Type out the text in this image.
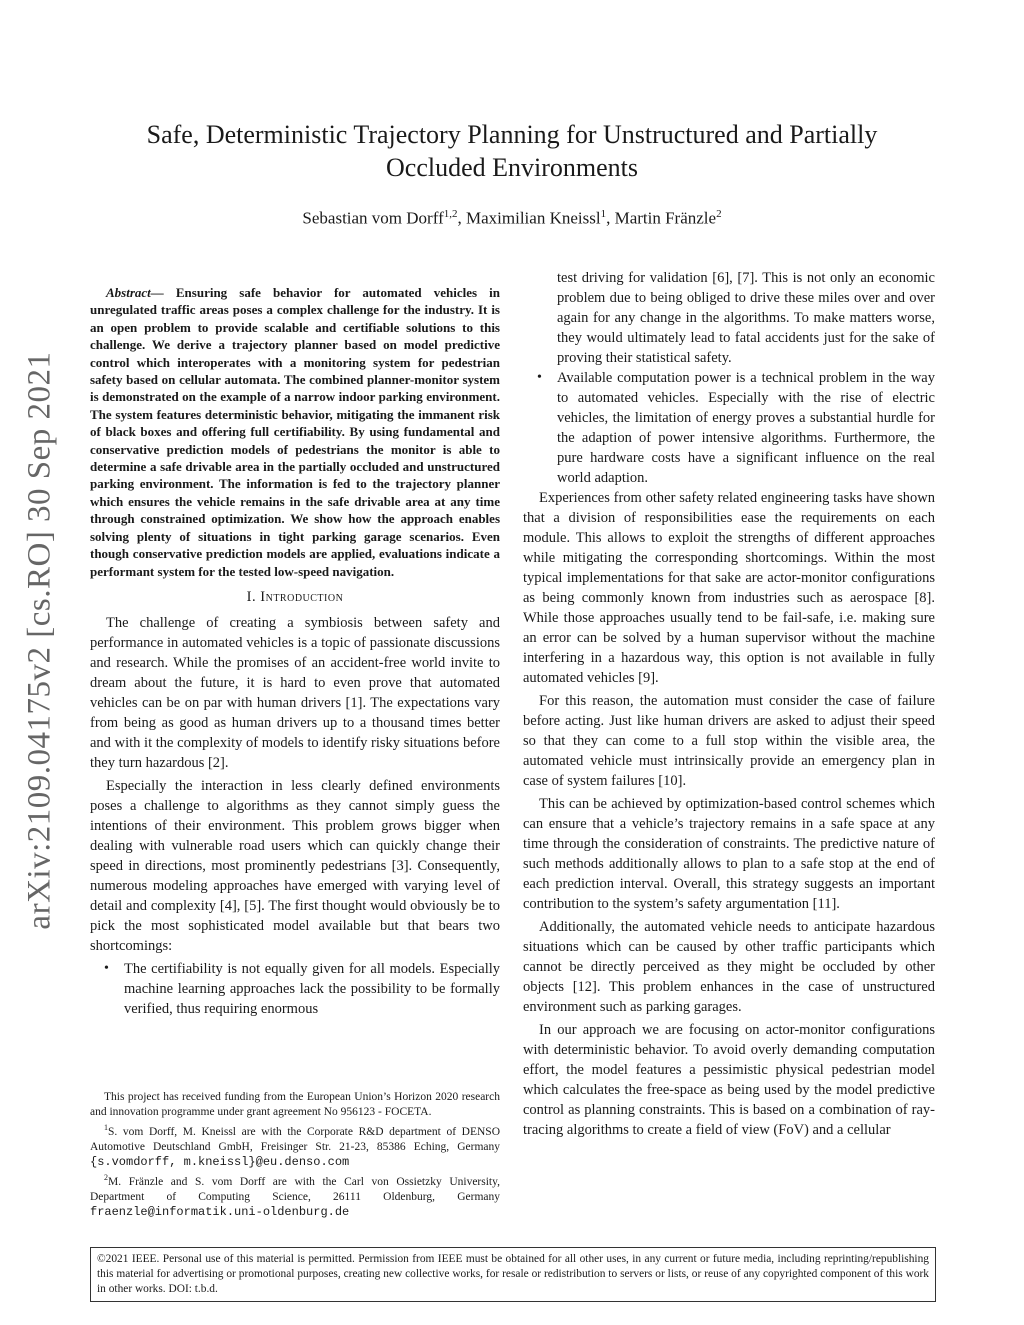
arXiv:2109.04175v2 [cs.RO] 30 Sep 2021
Safe, Deterministic Trajectory Planning for Unstructured and Partially
Occluded Environments
Sebastian vom Dorff$^{1,2}$, Maximilian Kneissl$^1$, Martin Fränzle$^2$

Abstract— Ensuring safe behavior for automated vehicles in unregulated traffic areas poses a complex challenge for the industry. It is an open problem to provide scalable and certifiable solutions to this challenge. We derive a trajectory planner based on model predictive control which interoperates with a monitoring system for pedestrian safety based on cellular automata. The combined planner-monitor system is demonstrated on the example of a narrow indoor parking environment. The system features deterministic behavior, mitigating the immanent risk of black boxes and offering full certifiability. By using fundamental and conservative prediction models of pedestrians the monitor is able to determine a safe drivable area in the partially occluded and unstructured parking environment. The information is fed to the trajectory planner which ensures the vehicle remains in the safe drivable area at any time through constrained optimization. We show how the approach enables solving plenty of situations in tight parking garage scenarios. Even though conservative prediction models are applied, evaluations indicate a performant system for the tested low-speed navigation.

I. Introduction

The challenge of creating a symbiosis between safety and performance in automated vehicles is a topic of passionate discussions and research. While the promises of an accident-free world invite to dream about the future, it is hard to even prove that automated vehicles can be on par with human drivers [1]. The expectations vary from being as good as human drivers up to a thousand times better and with it the complexity of models to identify risky situations before they turn hazardous [2].

Especially the interaction in less clearly defined environments poses a challenge to algorithms as they cannot simply guess the intentions of their environment. This problem grows bigger when dealing with vulnerable road users which can quickly change their speed in directions, most prominently pedestrians [3]. Consequently, numerous modeling approaches have emerged with varying level of detail and complexity [4], [5]. The first thought would obviously be to pick the most sophisticated model available but that bears two shortcomings:

• The certifiability is not equally given for all models. Especially machine learning approaches lack the possibility to be formally verified, thus requiring enormous

This project has received funding from the European Union’s Horizon 2020 research and innovation programme under grant agreement No 956123 - FOCETA.

$^1$S. vom Dorff, M. Kneissl are with the Corporate R&D department of DENSO Automotive Deutschland GmbH, Freisinger Str. 21-23, 85386 Eching, Germany {s.vomdorff, m.kneissl}@eu.denso.com

$^2$M. Fränzle and S. vom Dorff are with the Carl von Ossietzky University, Department of Computing Science, 26111 Oldenburg, Germany fraenzle@informatik.uni-oldenburg.de

test driving for validation [6], [7]. This is not only an economic problem due to being obliged to drive these miles over and over again for any change in the algorithms. To make matters worse, they would ultimately lead to fatal accidents just for the sake of proving their statistical safety.
• Available computation power is a technical problem in the way to automated vehicles. Especially with the rise of electric vehicles, the limitation of energy proves a substantial hurdle for the adaption of power intensive algorithms. Furthermore, the pure hardware costs have a significant influence on the real world adaption.

Experiences from other safety related engineering tasks have shown that a division of responsibilities ease the requirements on each module. This allows to exploit the strengths of different approaches while mitigating the corresponding shortcomings. Within the most typical implementations for that sake are actor-monitor configurations as being commonly known from industries such as aerospace [8]. While those approaches usually tend to be fail-safe, i.e. making sure an error can be solved by a human supervisor without the machine interfering in a hazardous way, this option is not available in fully automated vehicles [9].

For this reason, the automation must consider the case of failure before acting. Just like human drivers are asked to adjust their speed so that they can come to a full stop within the visible area, the automated vehicle must intrinsically provide an emergency plan in case of system failures [10].

This can be achieved by optimization-based control schemes which can ensure that a vehicle’s trajectory remains in a safe space at any time through the consideration of constraints. The predictive nature of such methods additionally allows to plan to a safe stop at the end of each prediction interval. Overall, this strategy suggests an important contribution to the system’s safety argumentation [11].

Additionally, the automated vehicle needs to anticipate hazardous situations which can be caused by other traffic participants which cannot be directly perceived as they might be occluded by other objects [12]. This problem enhances in the case of unstructured environment such as parking garages.

In our approach we are focusing on actor-monitor configurations with deterministic behavior. To avoid overly demanding computation effort, the model features a pessimistic physical pedestrian model which calculates the free-space as being used by the model predictive control as planning constraints. This is based on a combination of ray-tracing algorithms to create a field of view (FoV) and a cellular

©2021 IEEE. Personal use of this material is permitted. Permission from IEEE must be obtained for all other uses, in any current or future media, including reprinting/republishing this material for advertising or promotional purposes, creating new collective works, for resale or redistribution to servers or lists, or reuse of any copyrighted component of this work in other works. DOI: t.b.d.
